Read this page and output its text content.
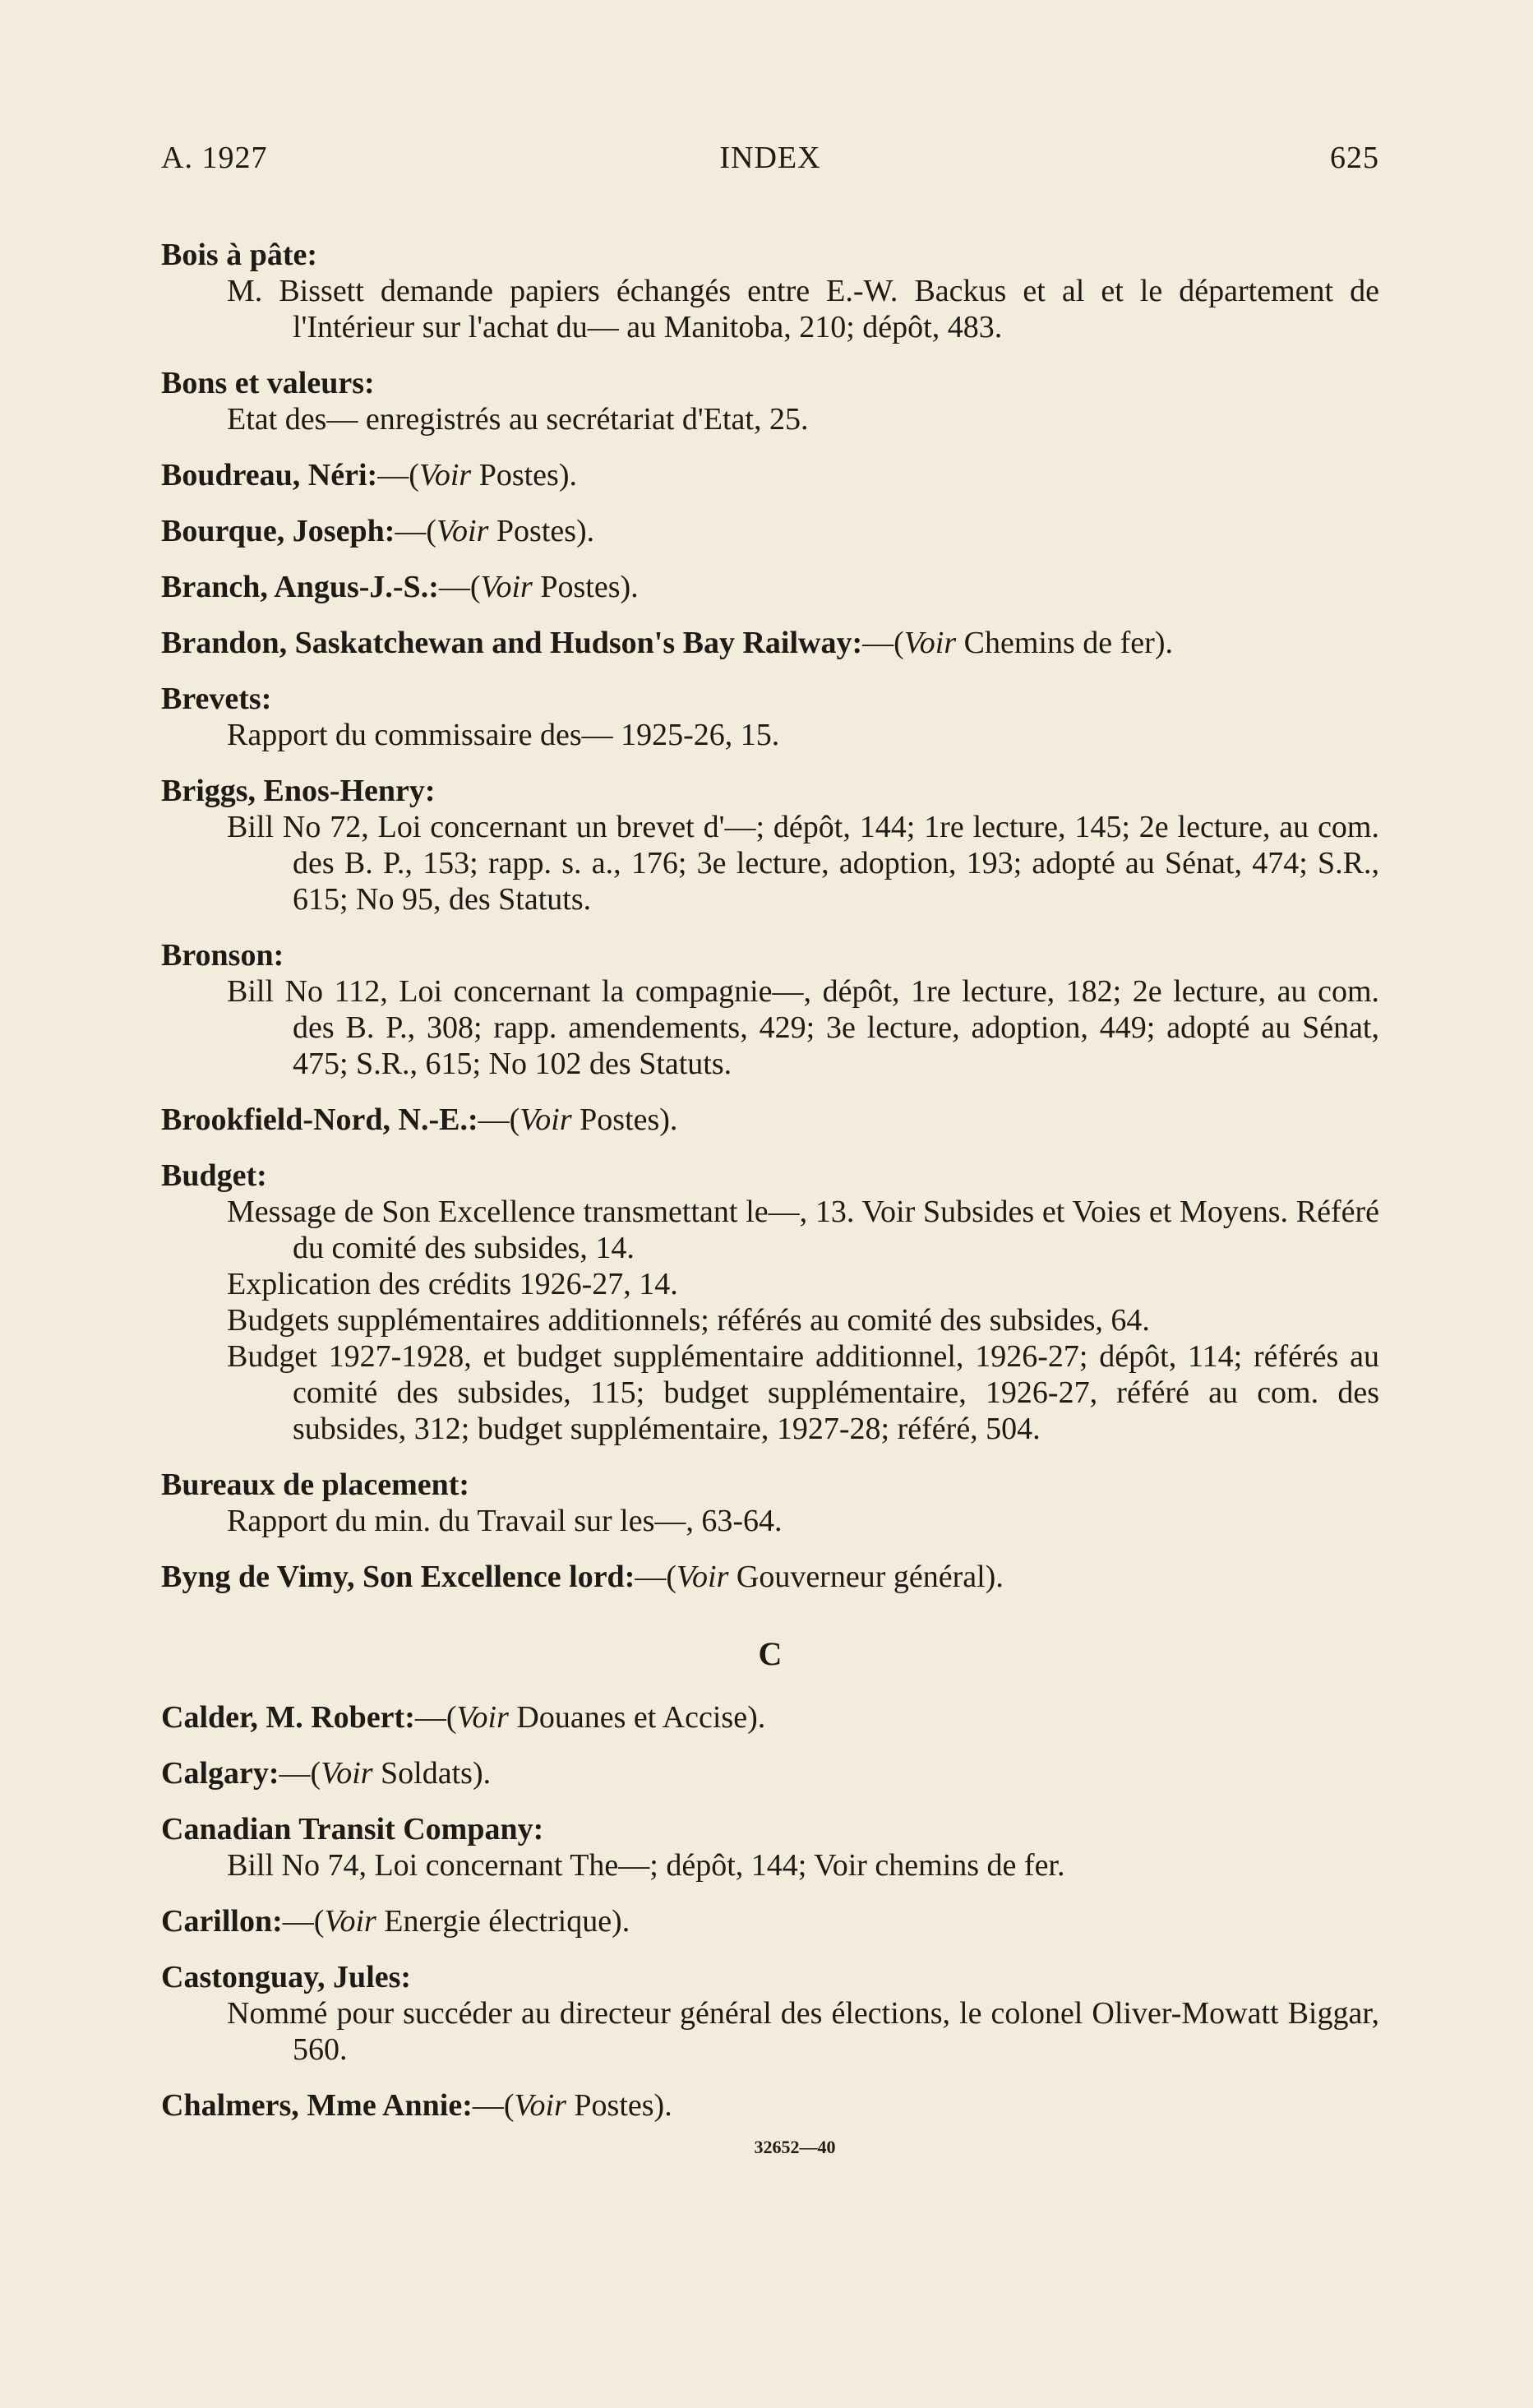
A. 1927	INDEX	625
Bois à pâte:
M. Bissett demande papiers échangés entre E.-W. Backus et al et le département de l'Intérieur sur l'achat du— au Manitoba, 210; dépôt, 483.
Bons et valeurs:
Etat des— enregistrés au secrétariat d'Etat, 25.
Boudreau, Néri:—(Voir Postes).
Bourque, Joseph:—(Voir Postes).
Branch, Angus-J.-S.:—(Voir Postes).
Brandon, Saskatchewan and Hudson's Bay Railway:—(Voir Chemins de fer).
Brevets:
Rapport du commissaire des— 1925-26, 15.
Briggs, Enos-Henry:
Bill No 72, Loi concernant un brevet d'—; dépôt, 144; 1re lecture, 145; 2e lecture, au com. des B. P., 153; rapp. s. a., 176; 3e lecture, adoption, 193; adopté au Sénat, 474; S.R., 615; No 95, des Statuts.
Bronson:
Bill No 112, Loi concernant la compagnie—, dépôt, 1re lecture, 182; 2e lecture, au com. des B. P., 308; rapp. amendements, 429; 3e lecture, adoption, 449; adopté au Sénat, 475; S.R., 615; No 102 des Statuts.
Brookfield-Nord, N.-E.:—(Voir Postes).
Budget:
Message de Son Excellence transmettant le—, 13. Voir Subsides et Voies et Moyens. Référé du comité des subsides, 14.
Explication des crédits 1926-27, 14.
Budgets supplémentaires additionnels; référés au comité des subsides, 64.
Budget 1927-1928, et budget supplémentaire additionnel, 1926-27; dépôt, 114; référés au comité des subsides, 115; budget supplémentaire, 1926-27, référé au com. des subsides, 312; budget supplémentaire, 1927-28; référé, 504.
Bureaux de placement:
Rapport du min. du Travail sur les—, 63-64.
Byng de Vimy, Son Excellence lord:—(Voir Gouverneur général).
C
Calder, M. Robert:—(Voir Douanes et Accise).
Calgary:—(Voir Soldats).
Canadian Transit Company:
Bill No 74, Loi concernant The—; dépôt, 144; Voir chemins de fer.
Carillon:—(Voir Energie électrique).
Castonguay, Jules:
Nommé pour succéder au directeur général des élections, le colonel Oliver-Mowatt Biggar, 560.
Chalmers, Mme Annie:—(Voir Postes).
32652—40
